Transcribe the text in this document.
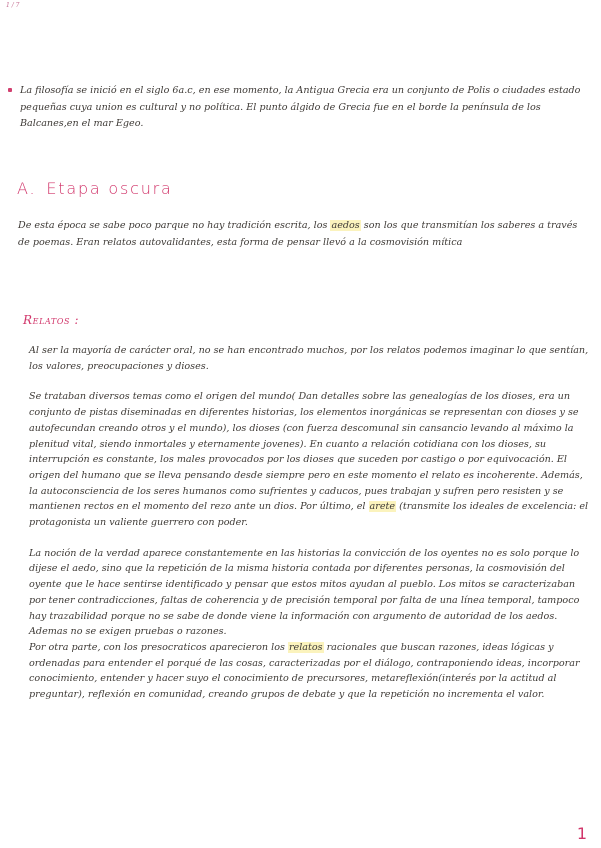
1 / 7
La filosofía se inició en el siglo 6a.c, en ese momento, la Antigua Grecia era un conjunto de Polis o ciudades estado pequeñas cuya union es cultural y no política. El punto álgido de Grecia fue en el borde la península de los Balcanes,en el mar Egeo.
A. Etapa oscura
De esta época se sabe poco parque no hay tradición escrita, los aedos son los que transmitían los saberes a través de poemas. Eran relatos autovalidantes, esta forma de pensar llevó a la cosmovisión mítica
Relatos :

Al ser la mayoría de carácter oral, no se han encontrado muchos, por los relatos podemos imaginar lo que sentían, los valores, preocupaciones y dioses.

Se trataban diversos temas como el origen del mundo( Dan detalles sobre las genealogías de los dioses, era un conjunto de pistas diseminadas en diferentes historias, los elementos inorgánicas se representan con dioses y se autofecundan creando otros y el mundo), los dioses (con fuerza descomunal sin cansancio levando al máximo la plenitud vital, siendo inmortales y eternamente jovenes). En cuanto a relación cotidiana con los dioses, su interrupción es constante, los males provocados por los dioses que suceden por castigo o por equivocación. El origen del humano que se lleva pensando desde siempre pero en este momento el relato es incoherente. Además, la autoconsciencia de los seres humanos como sufrientes y caducos, pues trabajan y sufren pero resisten y se mantienen rectos en el momento del rezo ante un dios. Por último, el arete (transmite los ideales de excelencia: el protagonista un valiente guerrero con poder.

La noción de la verdad aparece constantemente en las historias la convicción de los oyentes no es solo porque lo dijese el aedo, sino que la repetición de la misma historia contada por diferentes personas, la cosmovisión del oyente que le hace sentirse identificado y pensar que estos mitos ayudan al pueblo. Los mitos se caracterizaban por tener contradicciones, faltas de coherencia y de precisión temporal por falta de una línea temporal, tampoco hay trazabilidad porque no se sabe de donde viene la información con argumento de autoridad de los aedos. Ademas no se exigen pruebas o razones.

Por otra parte, con los presocraticos aparecieron los relatos racionales que buscan razones, ideas lógicas y ordenadas para entender el porqué de las cosas, caracterizadas por el diálogo, contraponiendo ideas, incorporar conocimiento, entender y hacer suyo el conocimiento de precursores, metareflexión(interés por la actitud al preguntar), reflexión en comunidad, creando grupos de debate y que la repetición no incrementa el valor.

1
